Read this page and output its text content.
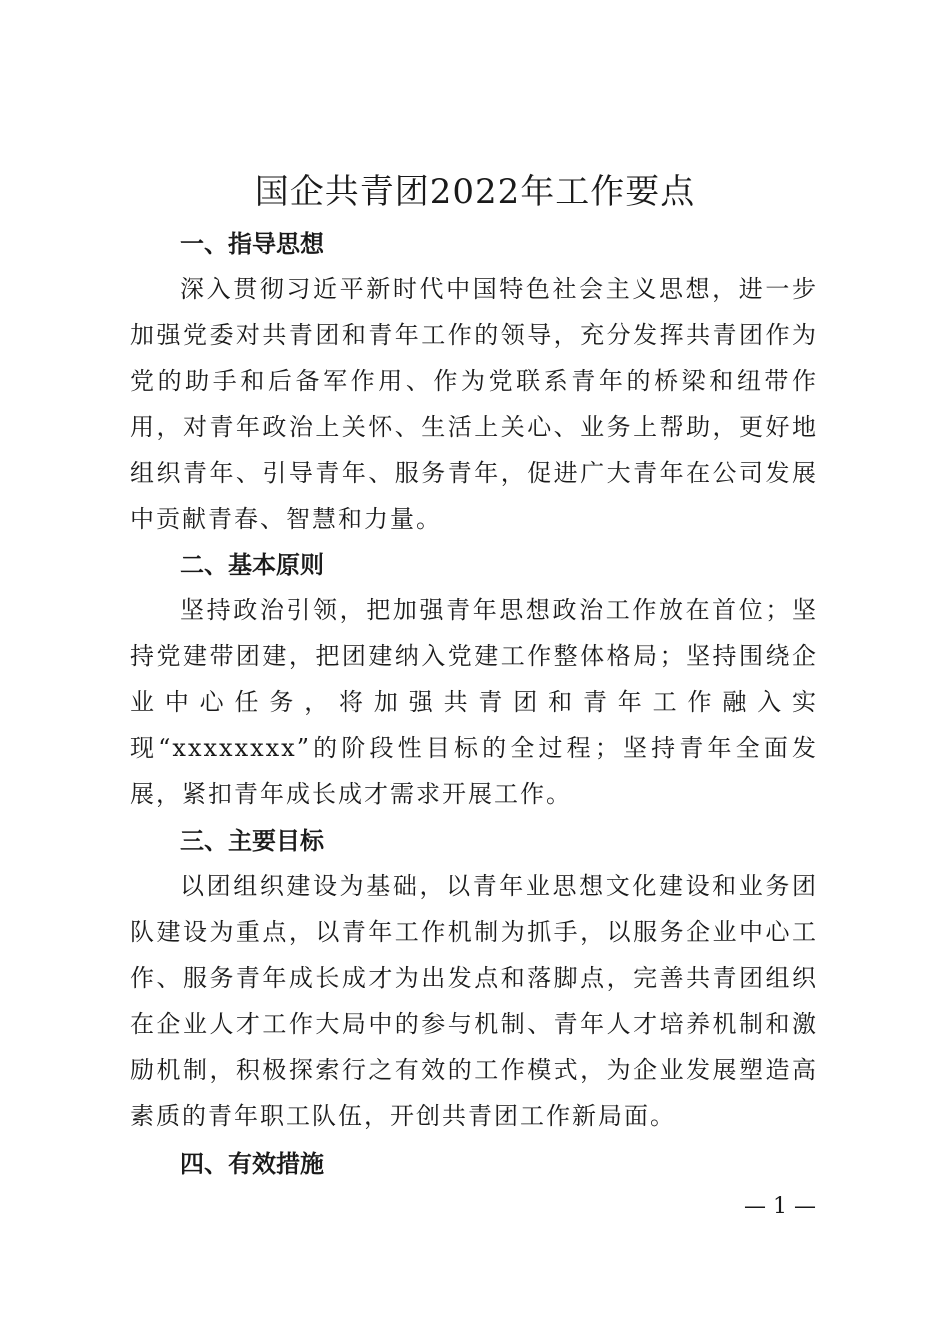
国企共青团2022年工作要点
一、指导思想

深入贯彻习近平新时代中国特色社会主义思想，进一步加强党委对共青团和青年工作的领导，充分发挥共青团作为党的助手和后备军作用、作为党联系青年的桥梁和纽带作用，对青年政治上关怀、生活上关心、业务上帮助，更好地组织青年、引导青年、服务青年，促进广大青年在公司发展中贡献青春、智慧和力量。

二、基本原则

坚持政治引领，把加强青年思想政治工作放在首位；坚持党建带团建，把团建纳入党建工作整体格局；坚持围绕企业中心任务，将加强共青团和青年工作融入实现“xxxxxxxx”的阶段性目标的全过程；坚持青年全面发展，紧扣青年成长成才需求开展工作。

三、主要目标

以团组织建设为基础，以青年业思想文化建设和业务团队建设为重点，以青年工作机制为抓手，以服务企业中心工作、服务青年成长成才为出发点和落脚点，完善共青团组织在企业人才工作大局中的参与机制、青年人才培养机制和激励机制，积极探索行之有效的工作模式，为企业发展塑造高素质的青年职工队伍，开创共青团工作新局面。

四、有效措施

— 1 —
